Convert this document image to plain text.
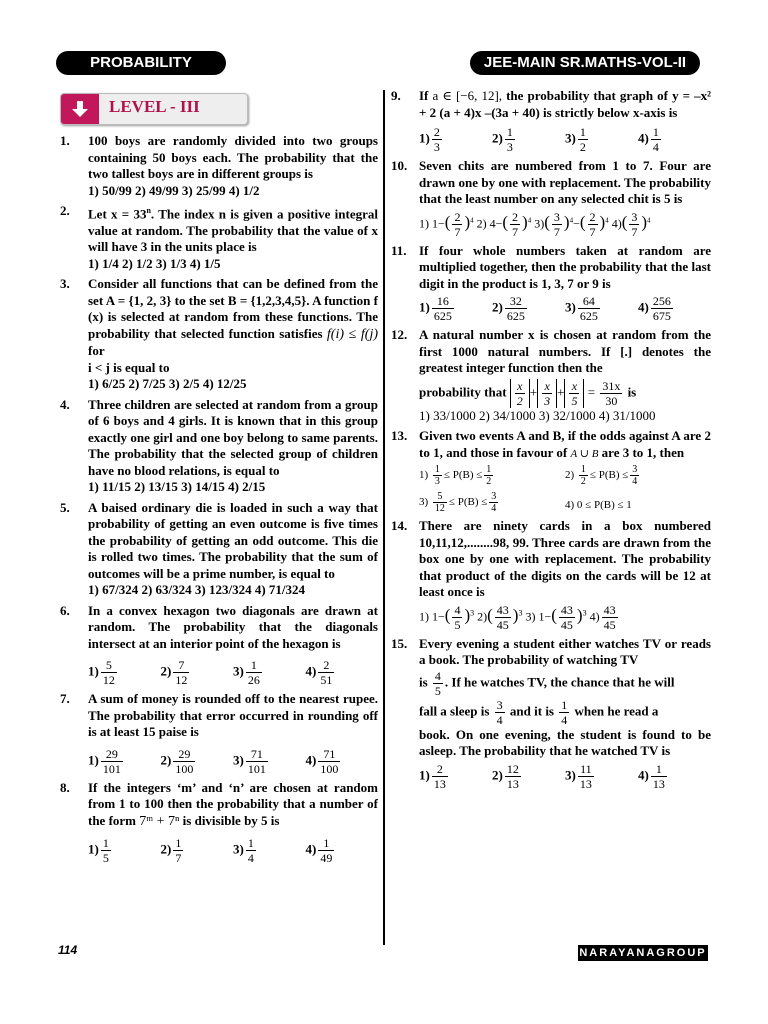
PROBABILITY	JEE-MAIN SR.MATHS-VOL-II
LEVEL - III
1. 100 boys are randomly divided into two groups containing 50 boys each. The probability that the two tallest boys are in different groups is
1) 50/99 2) 49/99 3) 25/99 4) 1/2
2. Let $x = 33^n$. The index n is given a positive integral value at random. The probability that the value of x will have 3 in the units place is
1) 1/4 2) 1/2 3) 1/3 4) 1/5
3. Consider all functions that can be defined from the set A = {1, 2, 3} to the set B = {1,2,3,4,5}. A function f (x) is selected at random from these functions. The probability that selected function satisfies f(i) ≤ f(j) for
i < j is equal to
1) 6/25 2) 7/25 3) 2/5 4) 12/25
4. Three children are selected at random from a group of 6 boys and 4 girls. It is known that in this group exactly one girl and one boy belong to same parents. The probability that the selected group of children have no blood relations, is equal to
1) 11/15 2) 13/15 3) 14/15 4) 2/15
5. A baised ordinary die is loaded in such a way that probability of getting an even outcome is five times the probability of getting an odd outcome. This die is rolled two times. The probability that the sum of outcomes will be a prime number, is equal to
1) 67/324 2) 63/324 3) 123/324 4) 71/324
6. In a convex hexagon two diagonals are drawn at random. The probability that the diagonals intersect at an interior point of the hexagon is
$1) \frac{5}{12}$	$2) \frac{7}{12}$	$3) \frac{1}{26}$	$4) \frac{2}{51}$
7. A sum of money is rounded off to the nearest rupee. The probability that error occurred in rounding off is at least 15 paise is
$1) \frac{29}{101}$	$2) \frac{29}{100}$	$3) \frac{71}{101}$	$4) \frac{71}{100}$
8. If the integers ‘m’ and ‘n’ are chosen at random from 1 to 100 then the probability that a number of the form 7ᵐ + 7ⁿ is divisible by 5 is
$1) \frac{1}{5}$	$2) \frac{1}{7}$	$3) \frac{1}{4}$	$4) \frac{1}{49}$
9. If a ∈ [−6, 12], the probability that graph of y = –x² + 2 (a + 4)x –(3a + 40) is strictly below x-axis is
$1) \frac{2}{3}$	$2) \frac{1}{3}$	$3) \frac{1}{2}$	$4) \frac{1}{4}$
10. Seven chits are numbered from 1 to 7. Four are drawn one by one with replacement. The probability that the least number on any selected chit is 5 is
1) $1-( \frac{2}{7} )^4$ 2) $4-( \frac{2}{7} )^4$ $3)( \frac{3}{7} )^4-( \frac{2}{7} )^4$ $4)( \frac{3}{7} )^4$
11. If four whole numbers taken at random are multiplied together, then the probability that the last digit in the product is 1, 3, 7 or 9 is
$1) \frac{16}{625}$	$2) \frac{32}{625}$	$3) \frac{64}{625}$	$4) \frac{256}{675}$
12. A natural number x is chosen at random from the first 1000 natural numbers. If [.] denotes the greatest integer function then the
probability that $\frac{x}{2} + \frac{x}{3} + \frac{x}{5} = \frac{31x}{30}$ is
1) 33/1000 2) 34/1000 3) 32/1000 4) 31/1000
13. Given two events A and B, if the odds against A are 2 to 1, and those in favour of A ∪ B are 3 to 1, then
$1) \frac{1}{3} \le P(B) \le \frac{1}{2}$	$2) \frac{1}{2} \le P(B) \le \frac{3}{4}$
$3) \frac{5}{12} \le P(B) \le \frac{3}{4}$	4) 0 ≤ P(B) ≤ 1
14. There are ninety cards in a box numbered 10,11,12,........98, 99. Three cards are drawn from the box one by one with replacement. The probability that product of the digits on the cards will be 12 at least once is
1) $1-( \frac{4}{5} )^3$ $2)( \frac{43}{45} )^3$ 3) $1-( \frac{43}{45} )^3$ $4) \frac{43}{45}$
15. Every evening a student either watches TV or reads a book. The probability of watching TV
is $\frac{4}{5}$ . If he watches TV, the chance that he will
fall a sleep is $\frac{3}{4}$ and it is $\frac{1}{4}$ when he read a
book. On one evening, the student is found to be asleep. The probability that he watched TV is
$1) \frac{2}{13}$	$2) \frac{12}{13}$	$3) \frac{11}{13}$	$4) \frac{1}{13}$
114	NARAYANAGROUP
